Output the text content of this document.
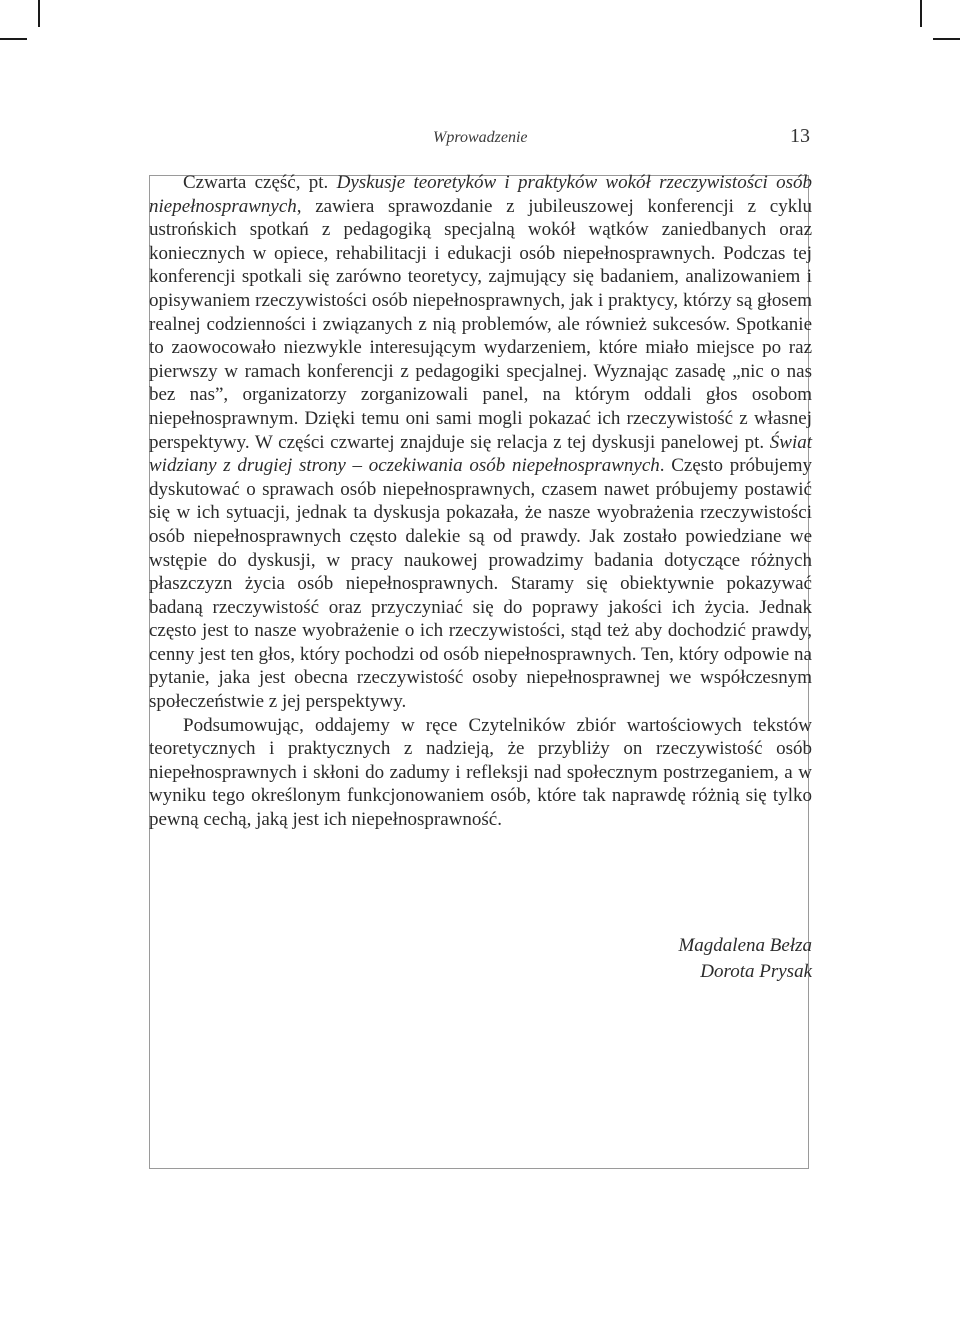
Wprowadzenie	13

Czwarta część, pt. Dyskusje teoretyków i praktyków wokół rzeczywistości osób niepełnosprawnych, zawiera sprawozdanie z jubileuszowej konferencji z cyklu ustrońskich spotkań z pedagogiką specjalną wokół wątków zaniedbanych oraz koniecznych w opiece, rehabilitacji i edukacji osób niepełnosprawnych. Podczas tej konferencji spotkali się zarówno teoretycy, zajmujący się badaniem, analizowaniem i opisywaniem rzeczywistości osób niepełnosprawnych, jak i praktycy, którzy są głosem realnej codzienności i związanych z nią problemów, ale również sukcesów. Spotkanie to zaowocowało niezwykle interesującym wydarzeniem, które miało miejsce po raz pierwszy w ramach konferencji z pedagogiki specjalnej. Wyznając zasadę „nic o nas bez nas”, organizatorzy zorganizowali panel, na którym oddali głos osobom niepełnosprawnym. Dzięki temu oni sami mogli pokazać ich rzeczywistość z własnej perspektywy. W części czwartej znajduje się relacja z tej dyskusji panelowej pt. Świat widziany z drugiej strony – oczekiwania osób niepełnosprawnych. Często próbujemy dyskutować o sprawach osób niepełnosprawnych, czasem nawet próbujemy postawić się w ich sytuacji, jednak ta dyskusja pokazała, że nasze wyobrażenia rzeczywistości osób niepełnosprawnych często dalekie są od prawdy. Jak zostało powiedziane we wstępie do dyskusji, w pracy naukowej prowadzimy badania dotyczące różnych płaszczyzn życia osób niepełnosprawnych. Staramy się obiektywnie pokazywać badaną rzeczywistość oraz przyczyniać się do poprawy jakości ich życia. Jednak często jest to nasze wyobrażenie o ich rzeczywistości, stąd też aby dochodzić prawdy, cenny jest ten głos, który pochodzi od osób niepełnosprawnych. Ten, który odpowie na pytanie, jaka jest obecna rzeczywistość osoby niepełnosprawnej we współczesnym społeczeństwie z jej perspektywy.

Podsumowując, oddajemy w ręce Czytelników zbiór wartościowych tekstów teoretycznych i praktycznych z nadzieją, że przybliży on rzeczywistość osób niepełnosprawnych i skłoni do zadumy i refleksji nad społecznym postrzeganiem, a w wyniku tego określonym funkcjonowaniem osób, które tak naprawdę różnią się tylko pewną cechą, jaką jest ich niepełnosprawność.

Magdalena Bełza
Dorota Prysak
